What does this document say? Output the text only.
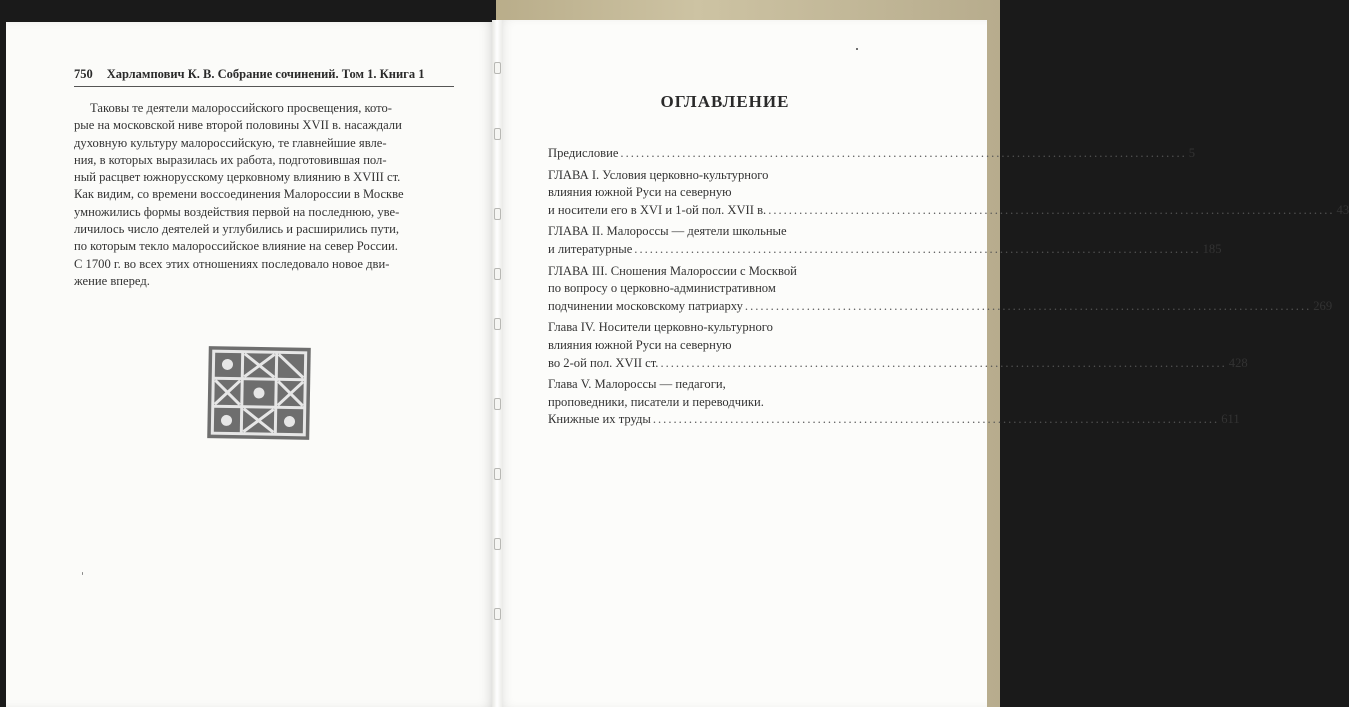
750 Харлампович К. В. Собрание сочинений. Том 1. Книга 1
Таковы те деятели малороссийского просвещения, кото-
рые на московской ниве второй половины XVII в. насаждали
духовную культуру малороссийскую, те главнейшие явле-
ния, в которых выразилась их работа, подготовившая пол-
ный расцвет южнорусскому церковному влиянию в XVIII ст.
Как видим, со времени воссоединения Малороссии в Москве
умножились формы воздействия первой на последнюю, уве-
личилось число деятелей и углубились и расширились пути,
по которым текло малороссийское влияние на север России.
С 1700 г. во всех этих отношениях последовало новое дви-
жение вперед.
ОГЛАВЛЕНИЕ
Предисловие .............................................................................................................. 5
ГЛАВА I. Условия церковно-культурного
влияния южной Руси на северную
и носители его в XVI и 1-ой пол. XVII в. .............................................................................................................. 43
ГЛАВА II. Малороссы — деятели школьные
и литературные .............................................................................................................. 185
ГЛАВА III. Сношения Малороссии с Москвой
по вопросу о церковно-административном
подчинении московскому патриарху .............................................................................................................. 269
Глава IV. Носители церковно-культурного
влияния южной Руси на северную
во 2-ой пол. XVII ст. .............................................................................................................. 428
Глава V. Малороссы — педагоги,
проповедники, писатели и переводчики.
Книжные их труды .............................................................................................................. 611
